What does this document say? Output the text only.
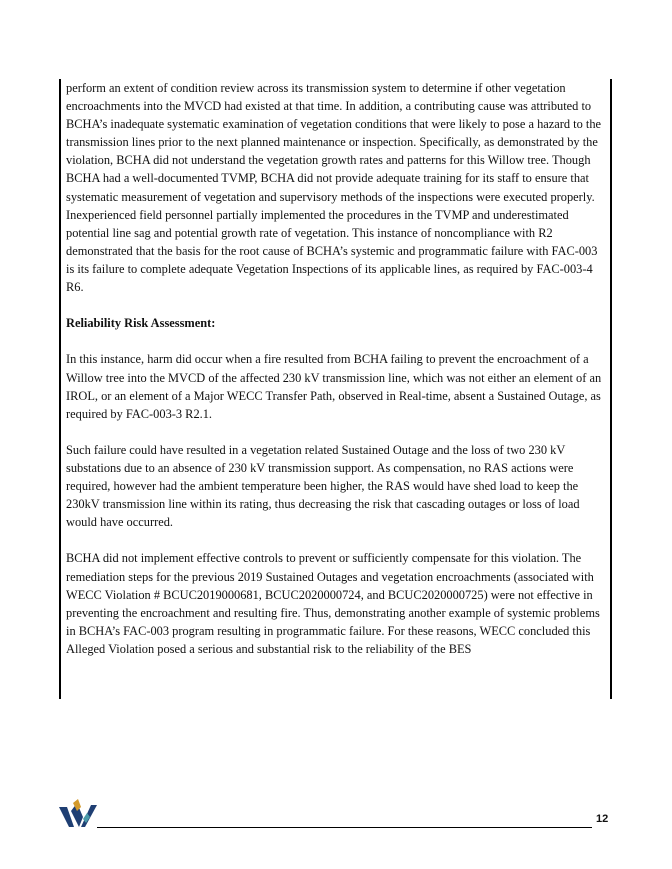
perform an extent of condition review across its transmission system to determine if other vegetation encroachments into the MVCD had existed at that time. In addition, a contributing cause was attributed to BCHA’s inadequate systematic examination of vegetation conditions that were likely to pose a hazard to the transmission lines prior to the next planned maintenance or inspection. Specifically, as demonstrated by the violation, BCHA did not understand the vegetation growth rates and patterns for this Willow tree. Though BCHA had a well-documented TVMP, BCHA did not provide adequate training for its staff to ensure that systematic measurement of vegetation and supervisory methods of the inspections were executed properly. Inexperienced field personnel partially implemented the procedures in the TVMP and underestimated potential line sag and potential growth rate of vegetation. This instance of noncompliance with R2 demonstrated that the basis for the root cause of BCHA’s systemic and programmatic failure with FAC-003 is its failure to complete adequate Vegetation Inspections of its applicable lines, as required by FAC-003-4 R6.

Reliability Risk Assessment:

In this instance, harm did occur when a fire resulted from BCHA failing to prevent the encroachment of a Willow tree into the MVCD of the affected 230 kV transmission line, which was not either an element of an IROL, or an element of a Major WECC Transfer Path, observed in Real-time, absent a Sustained Outage, as required by FAC-003-3 R2.1.

Such failure could have resulted in a vegetation related Sustained Outage and the loss of two 230 kV substations due to an absence of 230 kV transmission support. As compensation, no RAS actions were required, however had the ambient temperature been higher, the RAS would have shed load to keep the 230kV transmission line within its rating, thus decreasing the risk that cascading outages or loss of load would have occurred.

BCHA did not implement effective controls to prevent or sufficiently compensate for this violation. The remediation steps for the previous 2019 Sustained Outages and vegetation encroachments (associated with WECC Violation # BCUC2019000681, BCUC2020000724, and BCUC2020000725) were not effective in preventing the encroachment and resulting fire. Thus, demonstrating another example of systemic problems in BCHA’s FAC-003 program resulting in programmatic failure. For these reasons, WECC concluded this Alleged Violation posed a serious and substantial risk to the reliability of the BES

12
